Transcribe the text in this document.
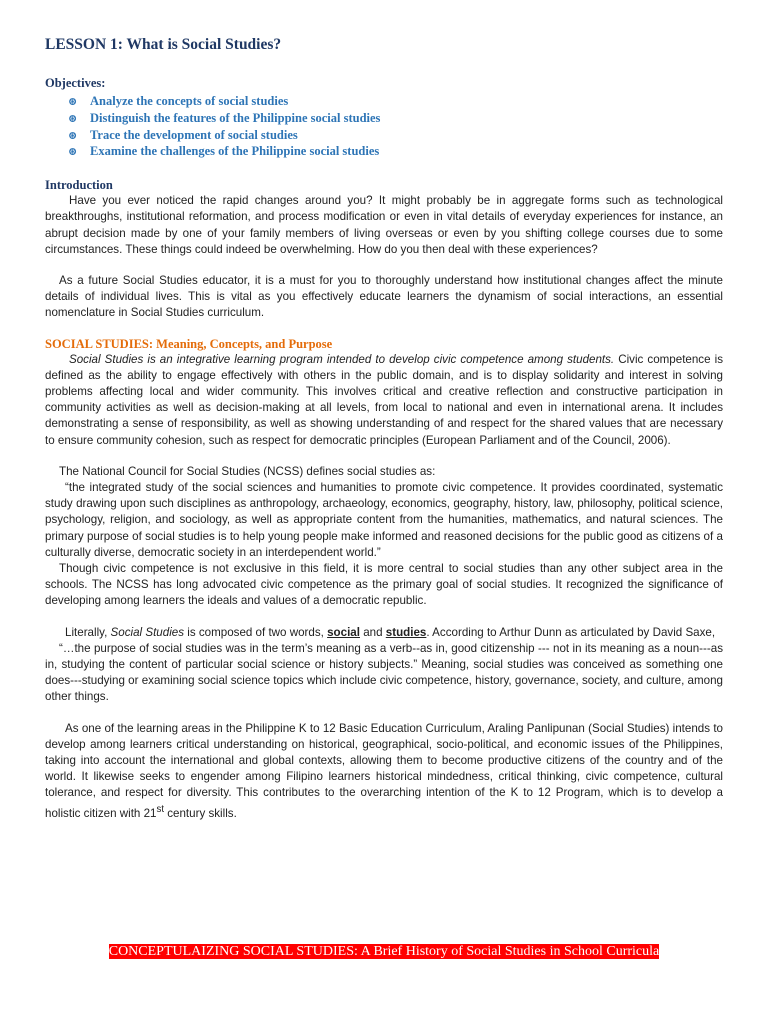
LESSON 1: What is Social Studies?
Objectives:
⊛ Analyze the concepts of social studies
⊛ Distinguish the features of the Philippine social studies
⊛ Trace the development of social studies
⊛ Examine the challenges of the Philippine social studies
Introduction

Have you ever noticed the rapid changes around you? It might probably be in aggregate forms such as technological breakthroughs, institutional reformation, and process modification or even in vital details of everyday experiences for instance, an abrupt decision made by one of your family members of living overseas or even by you shifting college courses due to some circumstances. These things could indeed be overwhelming. How do you then deal with these experiences?

As a future Social Studies educator, it is a must for you to thoroughly understand how institutional changes affect the minute details of individual lives. This is vital as you effectively educate learners the dynamism of social interactions, an essential nomenclature in Social Studies curriculum.

SOCIAL STUDIES: Meaning, Concepts, and Purpose

Social Studies is an integrative learning program intended to develop civic competence among students. Civic competence is defined as the ability to engage effectively with others in the public domain, and is to display solidarity and interest in solving problems affecting local and wider community. This involves critical and creative reflection and constructive participation in community activities as well as decision-making at all levels, from local to national and even in international arena. It includes demonstrating a sense of responsibility, as well as showing understanding of and respect for the shared values that are necessary to ensure community cohesion, such as respect for democratic principles (European Parliament and of the Council, 2006).

The National Council for Social Studies (NCSS) defines social studies as:

“the integrated study of the social sciences and humanities to promote civic competence. It provides coordinated, systematic study drawing upon such disciplines as anthropology, archaeology, economics, geography, history, law, philosophy, political science, psychology, religion, and sociology, as well as appropriate content from the humanities, mathematics, and natural sciences. The primary purpose of social studies is to help young people make informed and reasoned decisions for the public good as citizens of a culturally diverse, democratic society in an interdependent world.”

Though civic competence is not exclusive in this field, it is more central to social studies than any other subject area in the schools. The NCSS has long advocated civic competence as the primary goal of social studies. It recognized the significance of developing among learners the ideals and values of a democratic republic.

Literally, Social Studies is composed of two words, social and studies. According to Arthur Dunn as articulated by David Saxe,

“…the purpose of social studies was in the term’s meaning as a verb--as in, good citizenship --- not in its meaning as a noun---as in, studying the content of particular social science or history subjects.” Meaning, social studies was conceived as something one does---studying or examining social science topics which include civic competence, history, governance, society, and culture, among other things.

As one of the learning areas in the Philippine K to 12 Basic Education Curriculum, Araling Panlipunan (Social Studies) intends to develop among learners critical understanding on historical, geographical, socio-political, and economic issues of the Philippines, taking into account the international and global contexts, allowing them to become productive citizens of the country and of the world. It likewise seeks to engender among Filipino learners historical mindedness, critical thinking, civic competence, cultural tolerance, and respect for diversity. This contributes to the overarching intention of the K to 12 Program, which is to develop a holistic citizen with 21st century skills.

CONCEPTULAIZING SOCIAL STUDIES: A Brief History of Social Studies in School Curricula
